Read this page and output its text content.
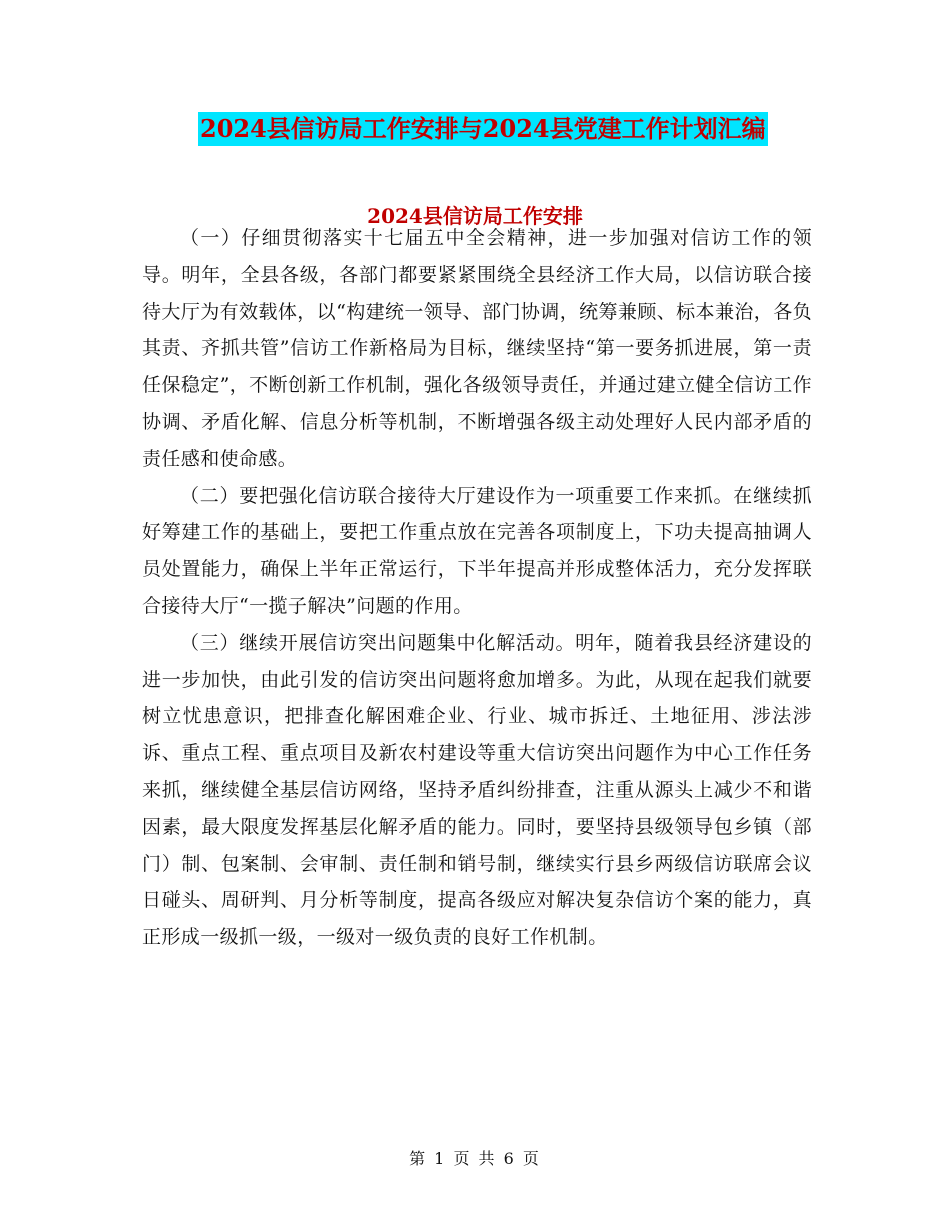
2024县信访局工作安排与2024县党建工作计划汇编
2024县信访局工作安排

（一）仔细贯彻落实十七届五中全会精神，进一步加强对信访工作的领导。明年，全县各级，各部门都要紧紧围绕全县经济工作大局，以信访联合接待大厅为有效载体，以“构建统一领导、部门协调，统筹兼顾、标本兼治，各负其责、齐抓共管”信访工作新格局为目标，继续坚持“第一要务抓进展，第一责任保稳定”，不断创新工作机制，强化各级领导责任，并通过建立健全信访工作协调、矛盾化解、信息分析等机制，不断增强各级主动处理好人民内部矛盾的责任感和使命感。

（二）要把强化信访联合接待大厅建设作为一项重要工作来抓。在继续抓好筹建工作的基础上，要把工作重点放在完善各项制度上，下功夫提高抽调人员处置能力，确保上半年正常运行，下半年提高并形成整体活力，充分发挥联合接待大厅“一揽子解决”问题的作用。

（三）继续开展信访突出问题集中化解活动。明年，随着我县经济建设的进一步加快，由此引发的信访突出问题将愈加增多。为此，从现在起我们就要树立忧患意识，把排查化解困难企业、行业、城市拆迁、土地征用、涉法涉诉、重点工程、重点项目及新农村建设等重大信访突出问题作为中心工作任务来抓，继续健全基层信访网络，坚持矛盾纠纷排查，注重从源头上减少不和谐因素，最大限度发挥基层化解矛盾的能力。同时，要坚持县级领导包乡镇（部门）制、包案制、会审制、责任制和销号制，继续实行县乡两级信访联席会议日碰头、周研判、月分析等制度，提高各级应对解决复杂信访个案的能力，真正形成一级抓一级，一级对一级负责的良好工作机制。

第 1 页 共 6 页
